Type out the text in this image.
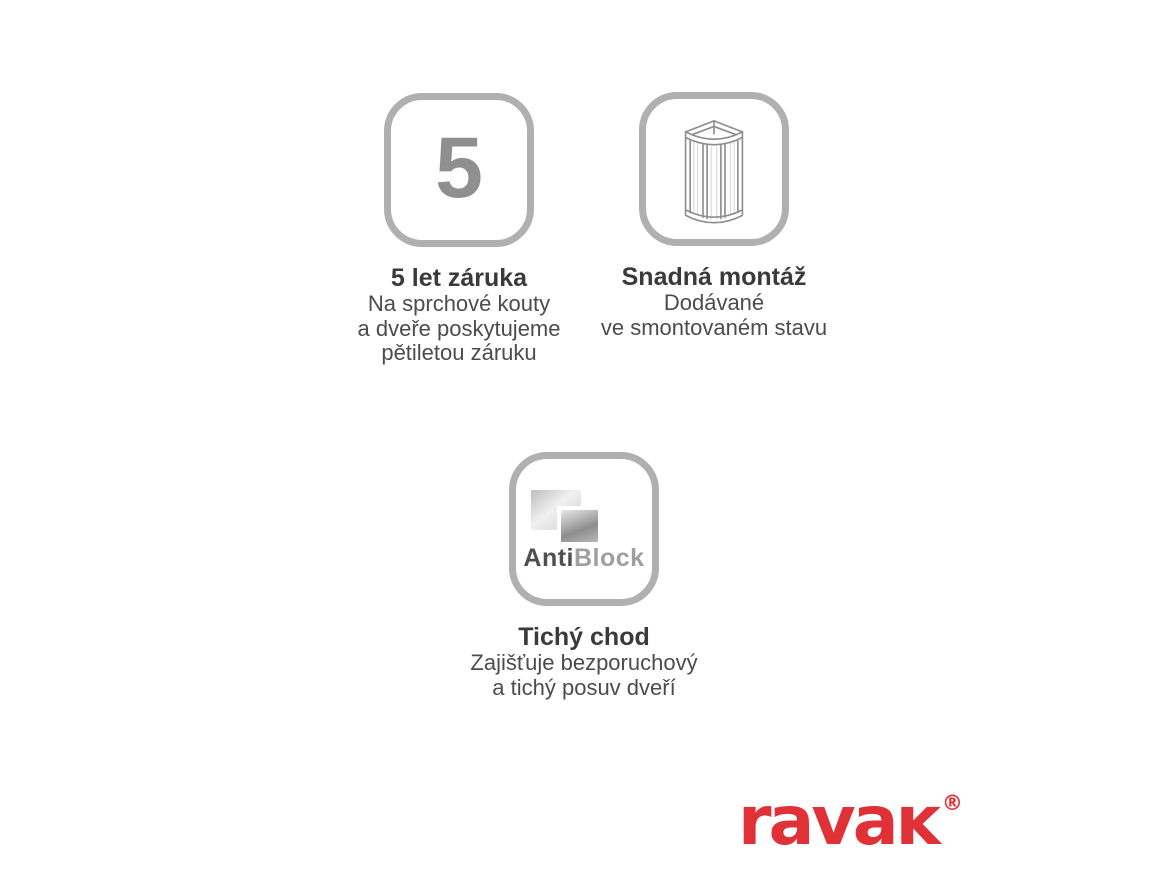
5
5 let záruka
Na sprchové kouty
a dveře poskytujeme
pětiletou záruku
Snadná montáž
Dodávané
ve smontovaném stavu
AntiBlock
Tichý chod
Zajišťuje bezporuchový
a tichý posuv dveří
ravaĸ ®
